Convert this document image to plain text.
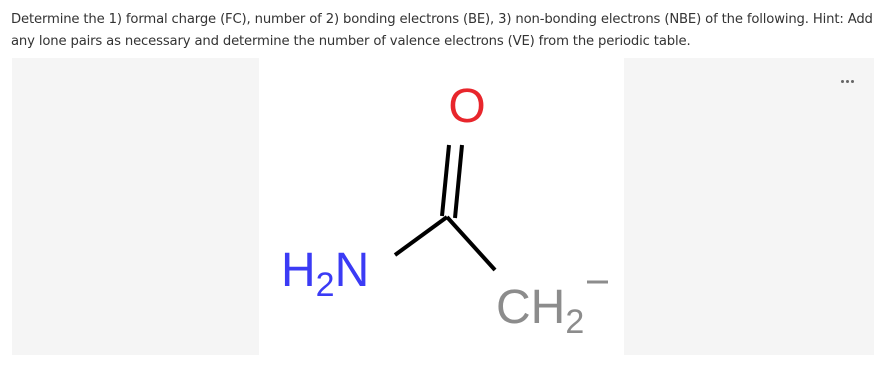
Determine the 1) formal charge (FC), number of 2) bonding electrons (BE), 3) non-bonding electrons (NBE) of the following. Hint: Add any lone pairs as necessary and determine the number of valence electrons (VE) from the periodic table.
O
$H_2N$
$CH_2$
